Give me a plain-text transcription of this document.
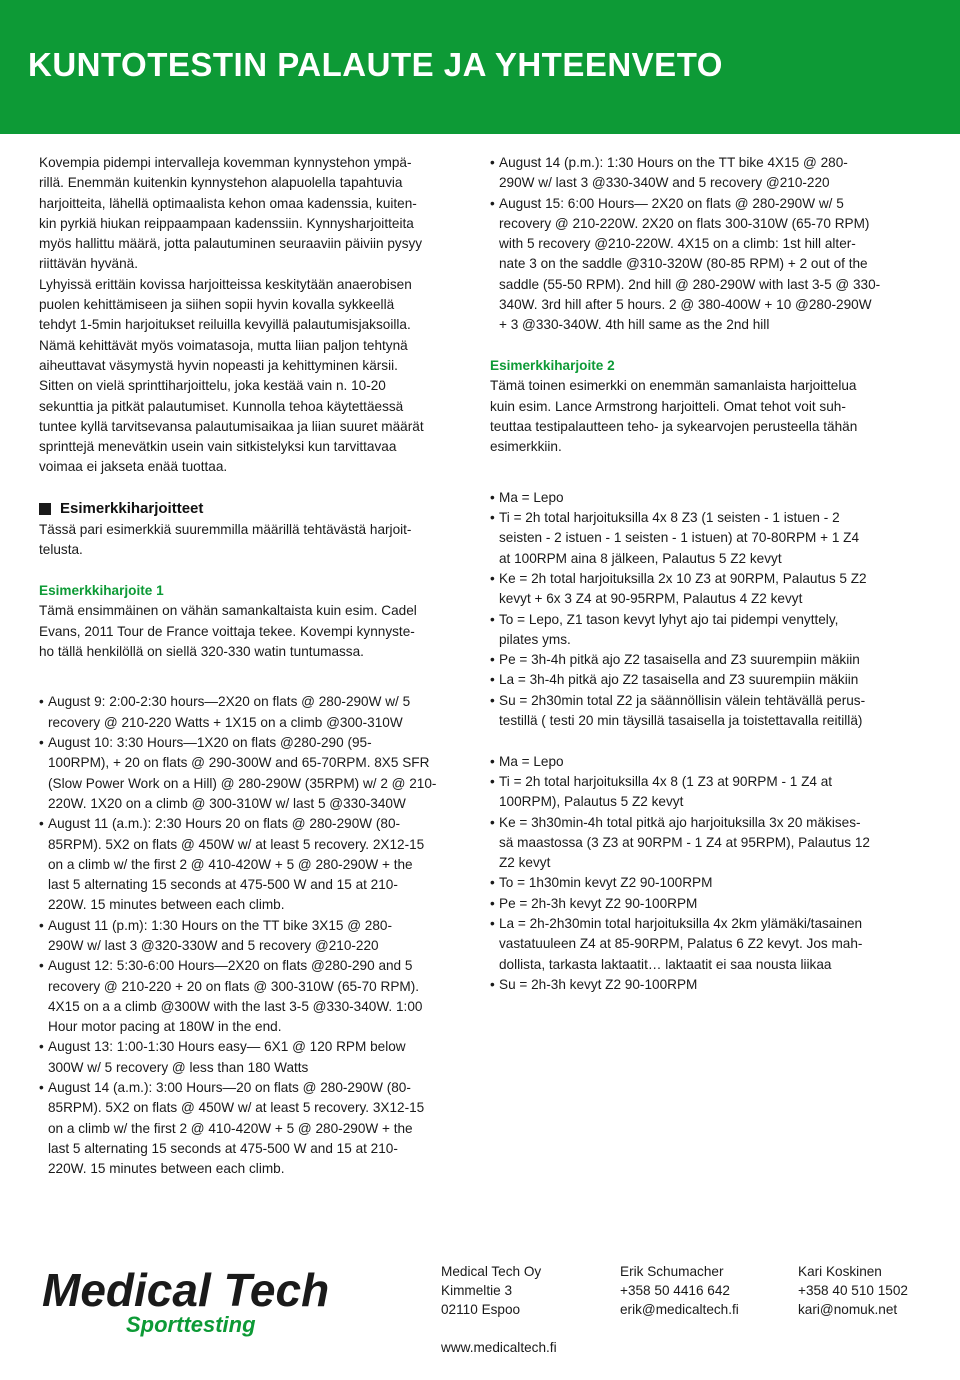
KUNTOTESTIN PALAUTE JA YHTEENVETO

Kovempia pidempi intervalleja kovemman kynnystehon ympä-

rillä. Enemmän kuitenkin kynnystehon alapuolella tapahtuvia

harjoitteita, lähellä optimaalista kehon omaa kadenssia, kuiten-

kin pyrkiä hiukan reippaampaan kadenssiin. Kynnysharjoitteita

myös hallittu määrä, jotta palautuminen seuraaviin päiviin pysyy

riittävän hyvänä.

Lyhyissä erittäin kovissa harjoitteissa keskitytään anaerobisen

puolen kehittämiseen ja siihen sopii hyvin kovalla sykkeellä

tehdyt 1-5min harjoitukset reiluilla kevyillä palautumisjaksoilla.

Nämä kehittävät myös voimatasoja, mutta liian paljon tehtynä

aiheuttavat väsymystä hyvin nopeasti ja kehittyminen kärsii.

Sitten on vielä sprinttiharjoittelu, joka kestää vain n. 10-20

sekunttia ja pitkät palautumiset. Kunnolla tehoa käytettäessä

tuntee kyllä tarvitsevansa palautumisaikaa ja liian suuret määrät

sprinttejä menevätkin usein vain sitkistelyksi kun tarvittavaa

voimaa ei jakseta enää tuottaa.

Esimerkkiharjoitteet

Tässä pari esimerkkiä suuremmilla määrillä tehtävästä harjoit-

telusta.

Esimerkkiharjoite 1

Tämä ensimmäinen on vähän samankaltaista kuin esim. Cadel

Evans, 2011 Tour de France voittaja tekee. Kovempi kynnyste-

ho tällä henkilöllä on siellä 320-330 watin tuntumassa.

• August 9: 2:00-2:30 hours—2X20 on flats @ 280-290W w/ 5
recovery @ 210-220 Watts + 1X15 on a climb @300-310W
• August 10: 3:30 Hours—1X20 on flats @280-290 (95-
100RPM), + 20 on flats @ 290-300W and 65-70RPM. 8X5 SFR
(Slow Power Work on a Hill) @ 280-290W (35RPM) w/ 2 @ 210-
220W. 1X20 on a climb @ 300-310W w/ last 5 @330-340W
• August 11 (a.m.): 2:30 Hours 20 on flats @ 280-290W (80-
85RPM). 5X2 on flats @ 450W w/ at least 5 recovery. 2X12-15
on a climb w/ the first 2 @ 410-420W + 5 @ 280-290W + the
last 5 alternating 15 seconds at 475-500 W and 15 at 210-
220W. 15 minutes between each climb.
• August 11 (p.m): 1:30 Hours on the TT bike 3X15 @ 280-
290W w/ last 3 @320-330W and 5 recovery @210-220
• August 12: 5:30-6:00 Hours—2X20 on flats @280-290 and 5
recovery @ 210-220 + 20 on flats @ 300-310W (65-70 RPM).
4X15 on a a climb @300W with the last 3-5 @330-340W. 1:00
Hour motor pacing at 180W in the end.
• August 13: 1:00-1:30 Hours easy— 6X1 @ 120 RPM below
300W w/ 5 recovery @ less than 180 Watts
• August 14 (a.m.): 3:00 Hours—20 on flats @ 280-290W (80-
85RPM). 5X2 on flats @ 450W w/ at least 5 recovery. 3X12-15
on a climb w/ the first 2 @ 410-420W + 5 @ 280-290W + the
last 5 alternating 15 seconds at 475-500 W and 15 at 210-
220W. 15 minutes between each climb.
• August 14 (p.m.): 1:30 Hours on the TT bike 4X15 @ 280-
290W w/ last 3 @330-340W and 5 recovery @210-220
• August 15: 6:00 Hours— 2X20 on flats @ 280-290W w/ 5
recovery @ 210-220W. 2X20 on flats 300-310W (65-70 RPM)
with 5 recovery @210-220W. 4X15 on a climb: 1st hill alter-
nate 3 on the saddle @310-320W (80-85 RPM) + 2 out of the
saddle (55-50 RPM). 2nd hill @ 280-290W with last 3-5 @ 330-
340W. 3rd hill after 5 hours. 2 @ 380-400W + 10 @280-290W
+ 3 @330-340W. 4th hill same as the 2nd hill

Esimerkkiharjoite 2

Tämä toinen esimerkki on enemmän samanlaista harjoittelua

kuin esim. Lance Armstrong harjoitteli. Omat tehot voit suh-

teuttaa testipalautteen teho- ja sykearvojen perusteella tähän

esimerkkiin.

• Ma = Lepo
• Ti = 2h total harjoituksilla 4x 8 Z3 (1 seisten - 1 istuen - 2
seisten - 2 istuen - 1 seisten - 1 istuen) at 70-80RPM + 1 Z4
at 100RPM aina 8 jälkeen, Palautus 5 Z2 kevyt
• Ke = 2h total harjoituksilla 2x 10 Z3 at 90RPM, Palautus 5 Z2
kevyt + 6x 3 Z4 at 90-95RPM, Palautus 4 Z2 kevyt
• To = Lepo, Z1 tason kevyt lyhyt ajo tai pidempi venyttely,
pilates yms.
• Pe = 3h-4h pitkä ajo Z2 tasaisella and Z3 suurempiin mäkiin
• La = 3h-4h pitkä ajo Z2 tasaisella and Z3 suurempiin mäkiin
• Su = 2h30min total Z2 ja säännöllisin välein tehtävällä perus-
testillä ( testi 20 min täysillä tasaisella ja toistettavalla reitillä)
• Ma = Lepo
• Ti = 2h total harjoituksilla 4x 8 (1 Z3 at 90RPM - 1 Z4 at
100RPM), Palautus 5 Z2 kevyt
• Ke = 3h30min-4h total pitkä ajo harjoituksilla 3x 20 mäkises-
sä maastossa (3 Z3 at 90RPM - 1 Z4 at 95RPM), Palautus 12
Z2 kevyt
• To = 1h30min kevyt Z2 90-100RPM
• Pe = 2h-3h kevyt Z2 90-100RPM
• La = 2h-2h30min total harjoituksilla 4x 2km ylämäki/tasainen
vastatuuleen Z4 at 85-90RPM, Palatus 6 Z2 kevyt. Jos mah-
dollista, tarkasta laktaatit… laktaatit ei saa nousta liikaa
• Su = 2h-3h kevyt Z2 90-100RPM
Medical Tech
Sporttesting
Medical Tech Oy
Kimmeltie 3
02110 Espoo
www.medicaltech.fi
Erik Schumacher
+358 50 4416 642
erik@medicaltech.fi
Kari Koskinen
+358 40 510 1502
kari@nomuk.net
